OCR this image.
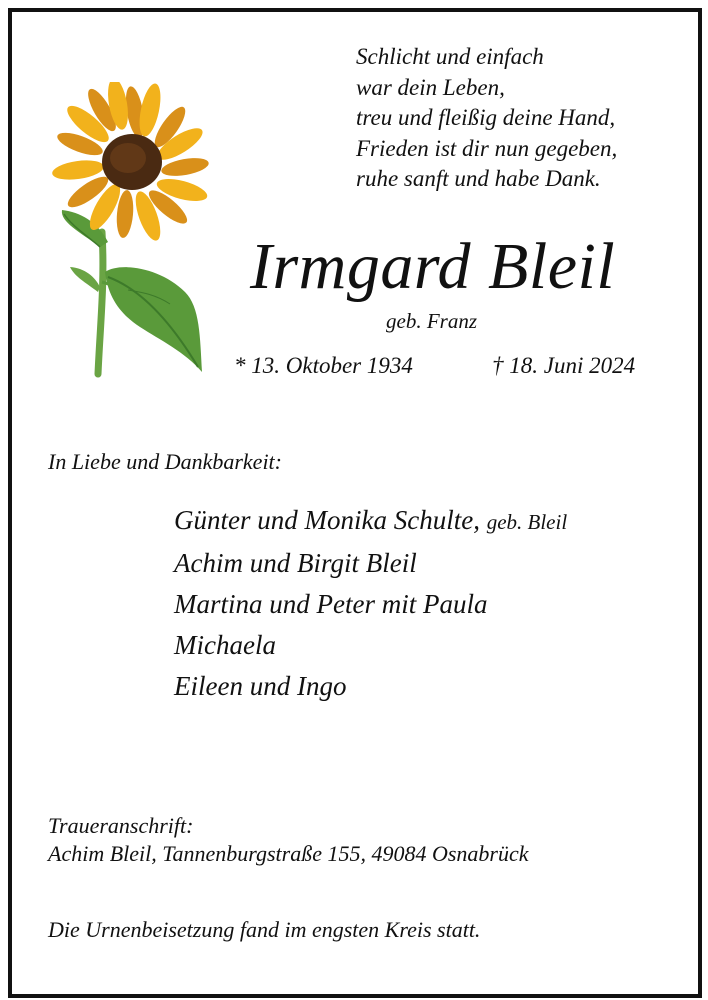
Schlicht und einfach
war dein Leben,
treu und fleißig deine Hand,
Frieden ist dir nun gegeben,
ruhe sanft und habe Dank.
Irmgard Bleil
geb. Franz
* 13. Oktober 1934	† 18. Juni 2024
In Liebe und Dankbarkeit:
Günter und Monika Schulte, geb. Bleil
Achim und Birgit Bleil
Martina und Peter mit Paula
Michaela
Eileen und Ingo
Traueranschrift:
Achim Bleil, Tannenburgstraße 155, 49084 Osnabrück
Die Urnenbeisetzung fand im engsten Kreis statt.
